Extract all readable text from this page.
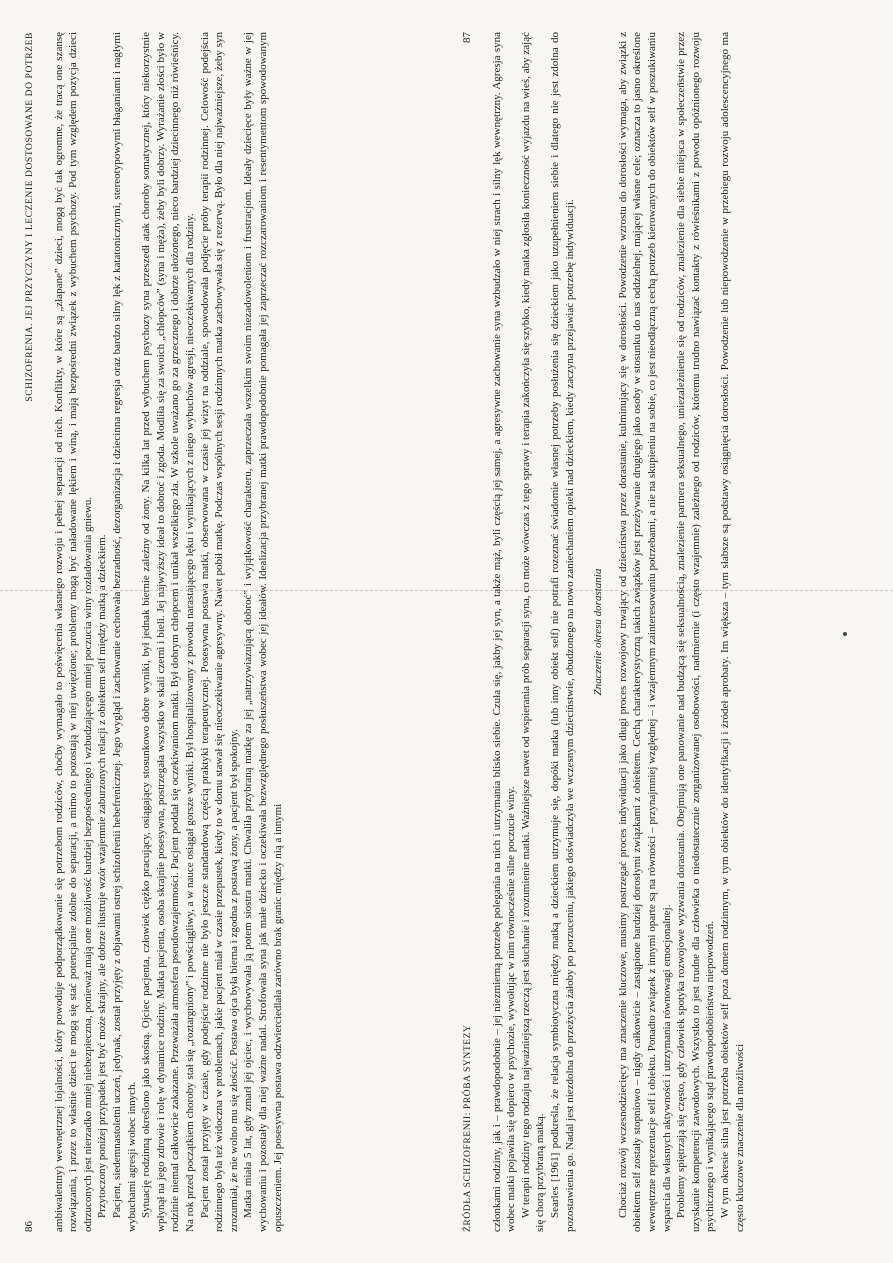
86
SCHIZOFRENIA. JEJ PRZYCZYNY I LECZENIE DOSTOSOWANE DO POTRZEB ambiwalentny) wewnętrznej lojalności, który powoduje podporządkowanie się potrzebom rodziców, choćby wymagało to poświęcenia własnego rozwoju i pełnej separacji od nich. Konflikty, w które są „złapane” dzieci, mogą być tak ogromne, że tracą one szansę rozwiązania, i przez to właśnie dzieci te mogą się stać potencjalnie zdolne do separacji, a mimo to pozostają w niej uwięzione; problemy mogą być naładowane lękiem i winą, i mają bezpośredni związek z wybuchem psychozy. Pod tym względem pozycja dzieci odrzuconych jest nierzadko mniej niebezpieczna, ponieważ mają one możliwość bardziej bezpośredniego i wzbudzającego mniej poczucia winy rozładowania gniewu. Przytoczony poniżej przypadek jest być może skrajny, ale dobrze ilustruje wzór wzajemnie zaburzonych relacji z obiektem self między matką a dzieckiem. Pacjent, siedemnastoletni uczeń, jedynak, został przyjęty z objawami ostrej schizofrenii hebefrenicznej. Jego wygląd i zachowanie cechowała bezradność, dezorganizacja i dziecinna regresja oraz bardzo silny lęk z katatonicznymi, stereotypowymi błaganiami i nagłymi wybuchami agresji wobec innych. Sytuację rodzinną określono jako skośną. Ojciec pacjenta, człowiek ciężko pracujący, osiągający stosunkowo dobre wyniki, był jednak biernie zależny od żony. Na kilka lat przed wybuchem psychozy syna przeszedł atak choroby somatycznej, który niekorzystnie wpłynął na jego zdrowie i rolę w dynamice rodziny. Matka pacjenta, osoba skrajnie posesywna, postrzegała wszystko w skali czerni i bieli. Jej najwyższy ideał to dobroć i zgoda. Modliła się za swoich „chłopców” (syna i męża), żeby byli dobrzy. Wyrażanie złości było w rodzinie niemal całkowicie zakazane. Przeważała atmosfera pseudowzajemności. Pacjent poddał się oczekiwaniom matki. Był dobrym chłopcem i unikał wszelkiego zła. W szkole uważano go za grzecznego i dobrze ułożonego, nieco bardziej dziecinnego niż rówieśnicy. Na rok przed początkiem choroby stał się „roztargniony” i powściągliwy, a w nauce osiągał gorsze wyniki. Był hospitalizowany z powodu narastającego lęku i wynikających z niego wybuchów agresji, nieoczekiwanych dla rodziny. Pacjent został przyjęty w czasie, gdy podejście rodzinne nie było jeszcze standardową częścią praktyki terapeutycznej. Posesywna postawa matki, obserwowana w czasie jej wizyt na oddziale, spowodowała podjęcie próby terapii rodzinnej. Celowość podejścia rodzinnego była też widoczna w problemach, jakie pacjent miał w czasie przepustek, kiedy to w domu stawał się nieoczekiwanie agresywny. Nawet pobił matkę. Podczas wspólnych sesji rodzinnych matka zachowywała się z rezerwą. Było dla niej najważniejsze, żeby syn zrozumiał, że nie wolno mu się złościć. Postawa ojca była bierna i zgodna z postawą żony, a pacjent był spokojny. Matka miała 5 lat, gdy zmarł jej ojciec, i wychowywała ją potem siostra matki. Chwaliła przybraną matkę za jej „natrzywiazującą dobroć” i wyjątkowość charakteru, zaprzeczała wszelkim swoim niezadowoleniom i frustracjom. Ideały dziecięce były ważne w jej wychowaniu i pozostały dla niej ważne nadal. Strofowała syna jak małe dziecko i oczekiwała bezwzględnego posłuszeństwa wobec jej ideałów. Idealizacja przybranej matki prawdopodobnie pomagała jej zaprzeczać rozczarowaniom i resentymentom spowodowanym opuszczeniem. Jej posesywna postawa odzwierciedlała zarówno brak granic między nią a innymi	ŹRÓDŁA SCHIZOFRENII: PRÓBA SYNTEZY
87 członkami rodziny, jak i – prawdopodobnie – jej niezmierną potrzebę polegania na nich i utrzymania blisko siebie. Czuła się, jakby jej syn, a także mąż, byli częścią jej samej, a agresywne zachowanie syna wzbudzało w niej strach i silny lęk wewnętrzny. Agresja syna wobec matki pojawiła się dopiero w psychozie, wywołując w nim równocześnie silne poczucie winy. W terapii rodziny tego rodzaju najważniejszą rzeczą jest słuchanie i zrozumienie matki. Ważniejsze nawet od wspierania prób separacji syna, co może wówczas z tego sprawy i terapia zakończyła się szybko, kiedy matka zgłosiła konieczność wyjazdu na wieś, aby zająć się chorą przybraną matką. Searles [1961] podkreśla, że relacja symbiotyczna między matką a dzieckiem utrzymuje się, dopóki matka (lub inny obiekt self) nie potrafi rozeznać świadomie własnej potrzeby posłużenia się dzieckiem jako uzupełnieniem siebie i dlatego nie jest zdolna do pozostawienia go. Nadal jest niezdolna do przeżycia żałoby po porzuceniu, jakiego doświadczyła we wczesnym dzieciństwie, obudzonego na nowo zaniechaniem opieki nad dzieckiem, kiedy zaczyna przejawiać potrzebę indywiduacji. Znaczenie okresu dorastania Chociaż rozwój wczesnodziecięcy ma znaczenie kluczowe, musimy postrzegać proces indywiduacji jako długi proces rozwojowy trwający od dzieciństwa przez dorastanie, kulminujący się w dorosłości. Powodzenie wzrostu do dorosłości wymaga, aby związki z obiektem self zostały stopniowo – nigdy całkowicie – zastąpione bardziej dorosłymi związkami z obiektem. Cechą charakterystyczną takich związków jest przeżywanie drugiego jako osoby w stosunku do nas oddzielnej, mającej własne cele; oznacza to jasno określone wewnętrzne reprezentacje self i obiektu. Ponadto związek z innymi oparte są na równości – przynajmniej względnej – i wzajemnym zainteresowaniu potrzebami, a nie na skupieniu na sobie, co jest nieodłączną cechą potrzeb kierowanych do obiektów self w poszukiwaniu wsparcia dla własnych aktywności i utrzymania równowagi emocjonalnej. Problemy spiętrzają się często, gdy człowiek spotyka rozwojowe wyzwania dorastania. Obejmują one panowanie nad budzącą się seksualnością, znalezienie partnera seksualnego, uniezależnienie się od rodziców, znalezienie dla siebie miejsca w społeczeństwie przez uzyskanie kompetencji zawodowych. Wszystko to jest trudne dla człowieka o niedostatecznie zorganizowanej osobowości, nadmiernie (i często wzajemnie) zależnego od rodziców, któremu trudno nawiązać kontakty z rówieśnikami z powodu opóźnionego rozwoju psychicznego i wynikającego stąd prawdopodobieństwa niepowodzeń. W tym okresie silna jest potrzeba obiektów self poza domem rodzinnym, w tym obiektów do identyfikacji i źródeł aprobaty. Im większa – tym słabsze są podstawy osiągnięcia dorosłości. Powodzenie lub niepowodzenie w przebiegu rozwoju adolescencyjnego ma często kluczowe znaczenie dla możliwości
